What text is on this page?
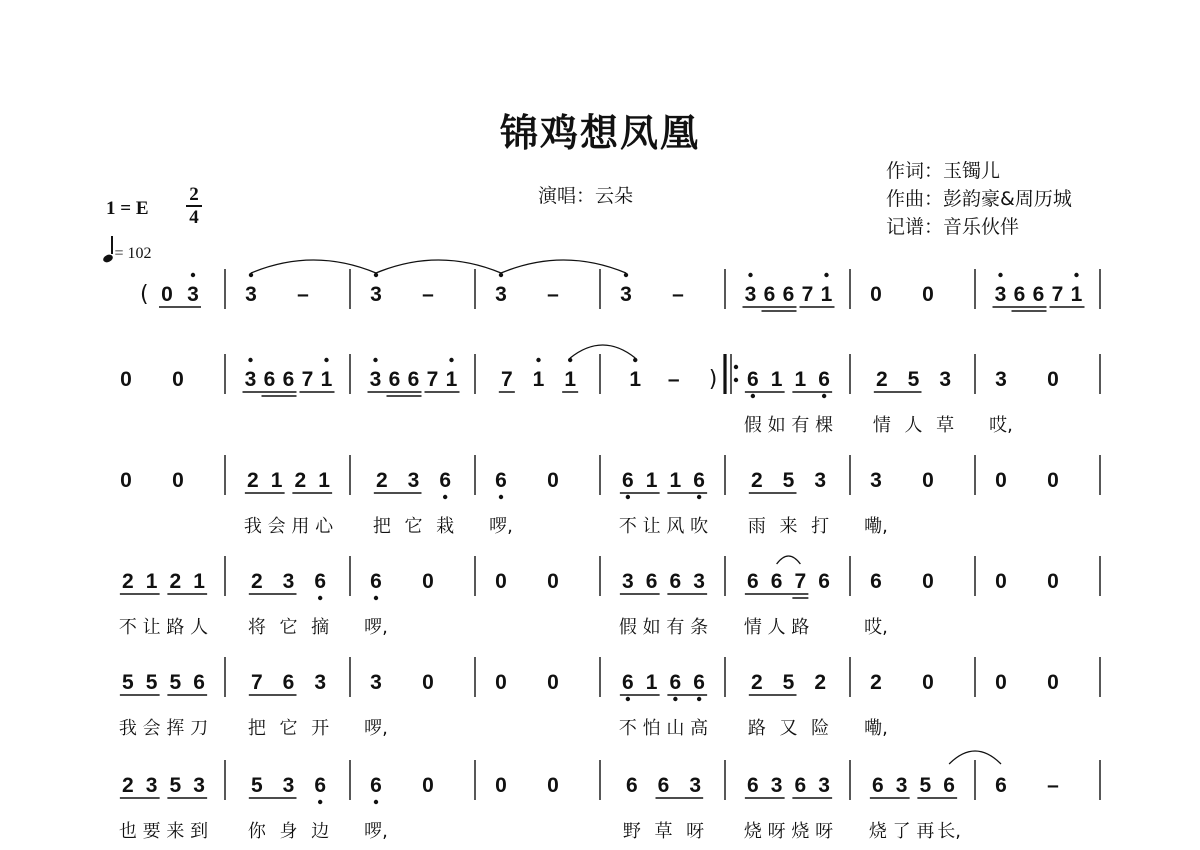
锦鸡想凤凰
演唱：云朵
作词：玉镯儿
作曲：彭韵豪&周历城
记谱：音乐伙伴
1 = E
2
4
= 102
( 0 3 3 –	3 –	3 –	3 –	3 6 6 7 1 0 0	3 6 6 7 1
0 0	3 6 6 7 1 3 6 6 7 1 7 1 1	1 – ) 6 1 1 6
假 如 有 棵
2 5 3
情 人 草
3 0
哎,
0 0	2 1 2 1
我 会 用 心
2 3 6
把 它 栽
6 0
啰,
6 1 1 6
不 让 风 吹
2 5 3
雨 来 打
3 0
嘞,
0 0
2 1 2 1
不 让 路 人
2 3 6
将 它 摘
6 0
啰,
0 0	3 6 6 3
假 如 有 条
6 6 7 6
情 人 路
6 0
哎,
0 0
5 5 5 6
我 会 挥 刀
7 6 3
把 它 开
3 0
啰,
0 0	6 1 6 6
不 怕 山 高
2 5 2
路 又 险
2 0
嘞,
0 0
2 3 5 3
也 要 来 到
5 3 6
你 身 边
6 0
啰,
0 0	6 6 3
野 草 呀
6 3 6 3
烧 呀 烧 呀
6 3 5 6
烧 了 再 长,
6 –
